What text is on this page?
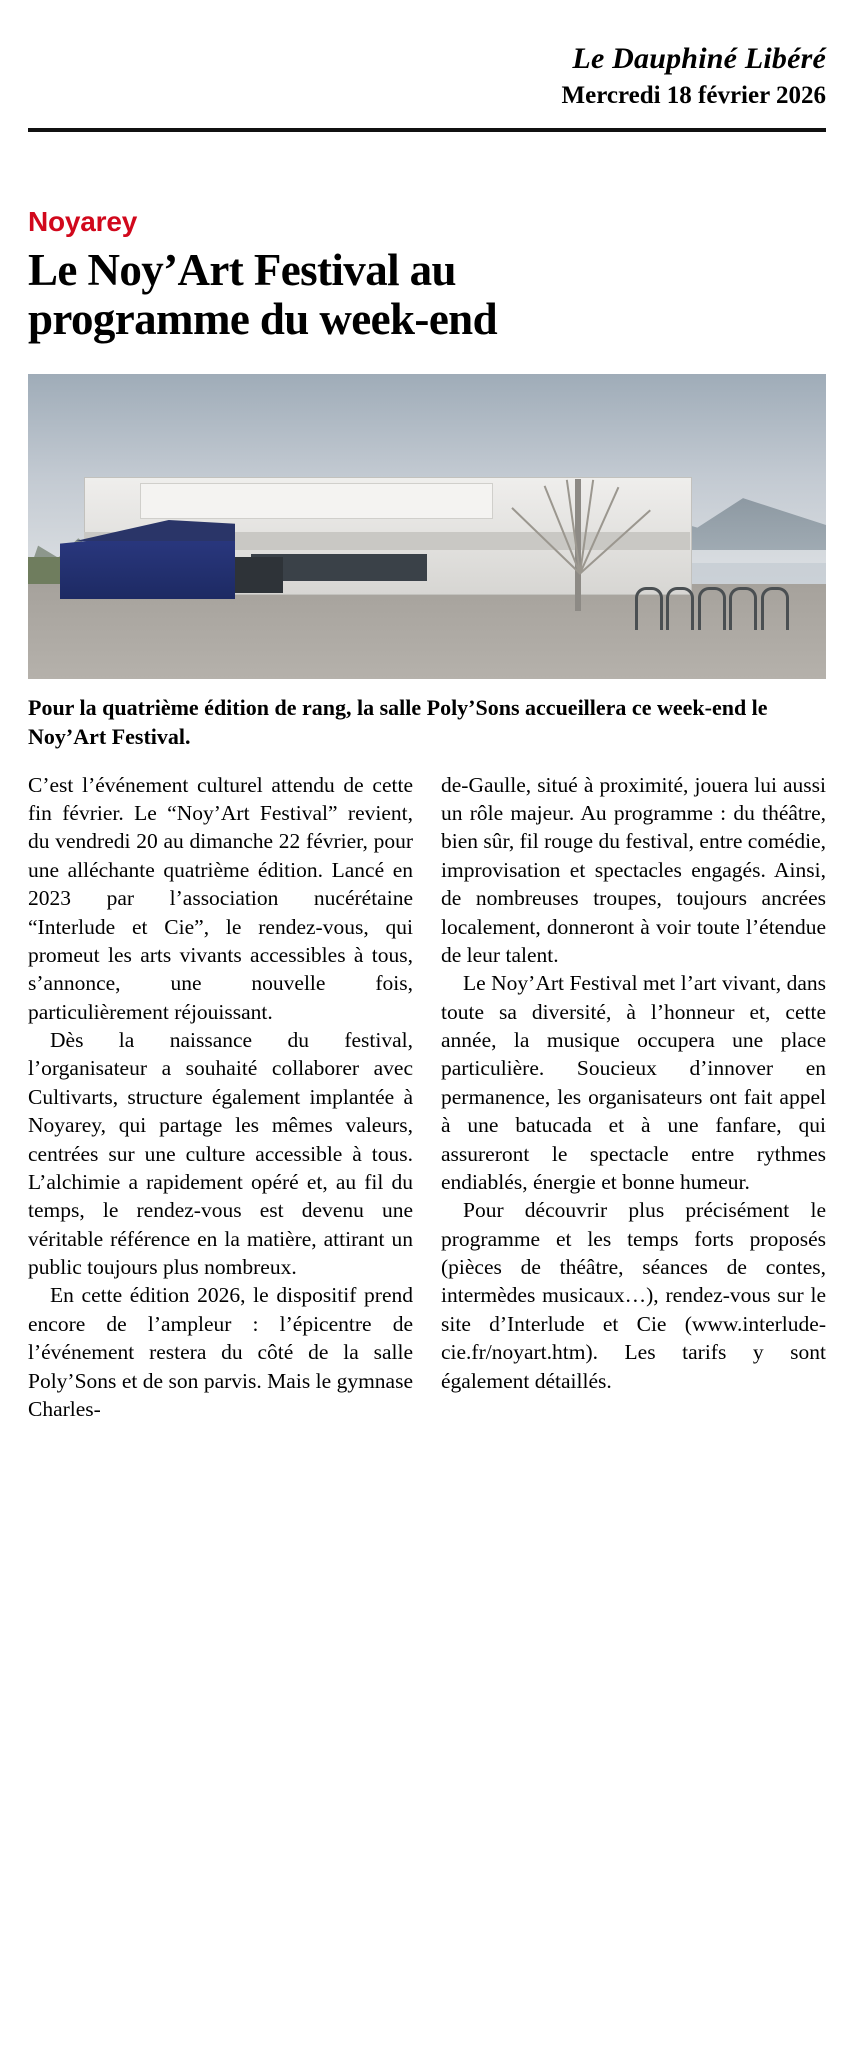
Le Dauphiné Libéré
Mercredi 18 février 2026
Noyarey
Le Noy’Art Festival au
programme du week-end
Pour la quatrième édition de rang, la salle Poly’Sons accueillera ce week-end le Noy’Art Festival.

C’est l’événement culturel attendu de cette fin février. Le “Noy’Art Festival” revient, du vendredi 20 au dimanche 22 février, pour une alléchante quatrième édition. Lancé en 2023 par l’association nucérétaine “Interlude et Cie”, le rendez-vous, qui promeut les arts vivants accessibles à tous, s’annonce, une nouvelle fois, particulièrement réjouissant.

Dès la naissance du festival, l’organisateur a souhaité collaborer avec Cultivarts, structure également implantée à Noyarey, qui partage les mêmes valeurs, centrées sur une culture accessible à tous. L’alchimie a rapidement opéré et, au fil du temps, le rendez-vous est devenu une véritable référence en la matière, attirant un public toujours plus nombreux.

En cette édition 2026, le dispositif prend encore de l’ampleur : l’épicentre de l’événement restera du côté de la salle Poly’Sons et de son parvis. Mais le gymnase Charles-

de-Gaulle, situé à proximité, jouera lui aussi un rôle majeur. Au programme : du théâtre, bien sûr, fil rouge du festival, entre comédie, improvisation et spectacles engagés. Ainsi, de nombreuses troupes, toujours ancrées localement, donneront à voir toute l’étendue de leur talent.

Le Noy’Art Festival met l’art vivant, dans toute sa diversité, à l’honneur et, cette année, la musique occupera une place particulière. Soucieux d’innover en permanence, les organisateurs ont fait appel à une batucada et à une fanfare, qui assureront le spectacle entre rythmes endiablés, énergie et bonne humeur.

Pour découvrir plus précisément le programme et les temps forts proposés (pièces de théâtre, séances de contes, intermèdes musicaux…), rendez-vous sur le site d’Interlude et Cie (www.interlude-cie.fr/noyart.htm). Les tarifs y sont également détaillés.
